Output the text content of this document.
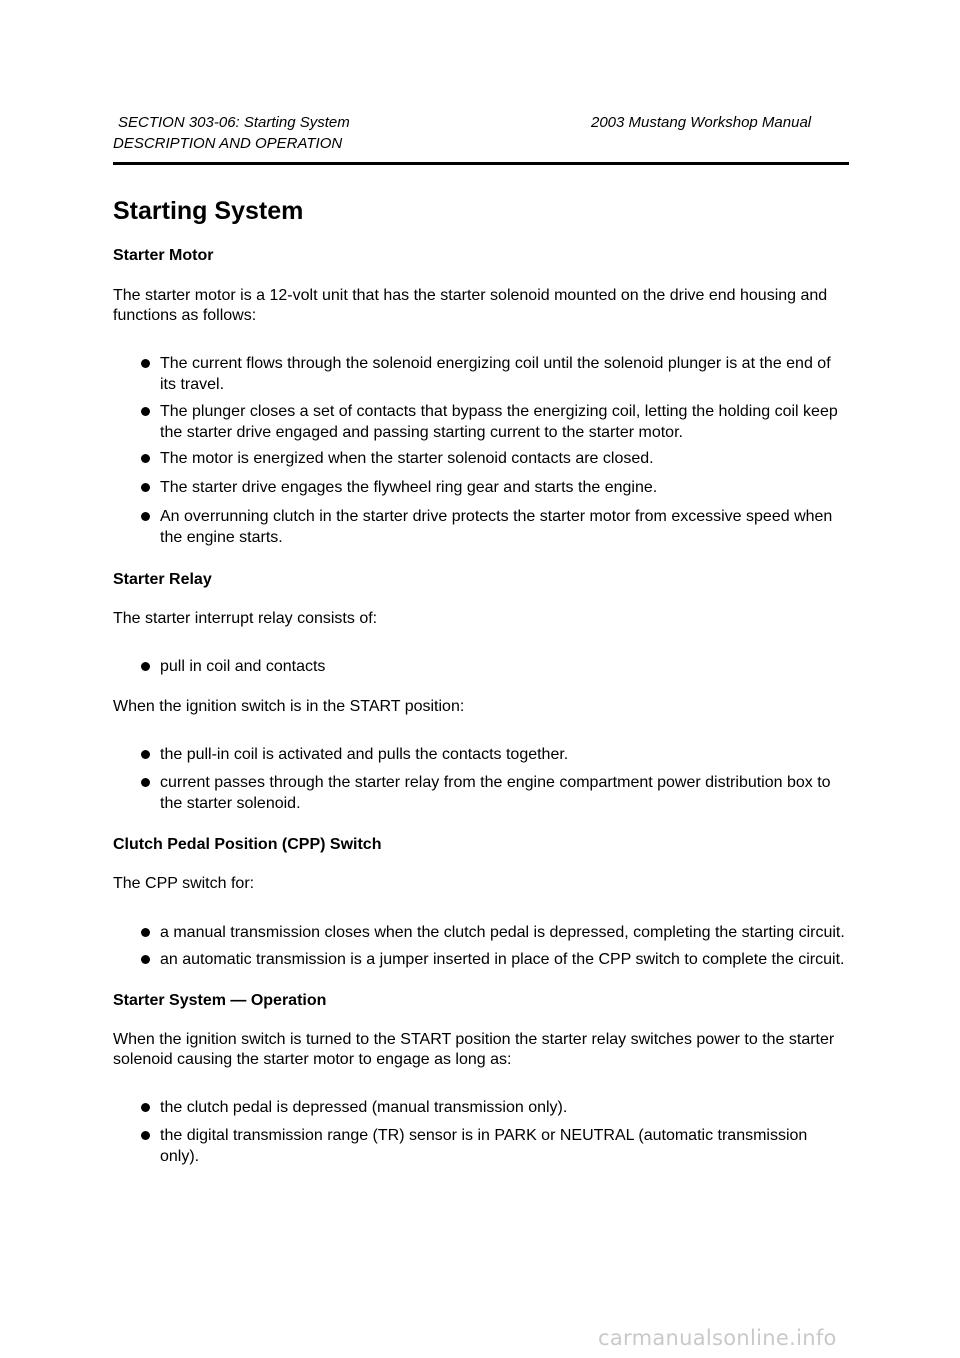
SECTION 303-06: Starting System	2003 Mustang Workshop Manual
DESCRIPTION AND OPERATION
Starting System
Starter Motor

The starter motor is a 12-volt unit that has the starter solenoid mounted on the drive end housing and functions as follows:

The current flows through the solenoid energizing coil until the solenoid plunger is at the end of its travel.
The plunger closes a set of contacts that bypass the energizing coil, letting the holding coil keep the starter drive engaged and passing starting current to the starter motor.
The motor is energized when the starter solenoid contacts are closed.
The starter drive engages the flywheel ring gear and starts the engine.
An overrunning clutch in the starter drive protects the starter motor from excessive speed when the engine starts.
Starter Relay

The starter interrupt relay consists of:

pull in coil and contacts

When the ignition switch is in the START position:

the pull-in coil is activated and pulls the contacts together.
current passes through the starter relay from the engine compartment power distribution box to the starter solenoid.
Clutch Pedal Position (CPP) Switch

The CPP switch for:

a manual transmission closes when the clutch pedal is depressed, completing the starting circuit.
an automatic transmission is a jumper inserted in place of the CPP switch to complete the circuit.
Starter System — Operation

When the ignition switch is turned to the START position the starter relay switches power to the starter solenoid causing the starter motor to engage as long as:

the clutch pedal is depressed (manual transmission only).
the digital transmission range (TR) sensor is in PARK or NEUTRAL (automatic transmission only).
carmanualsonline.info
